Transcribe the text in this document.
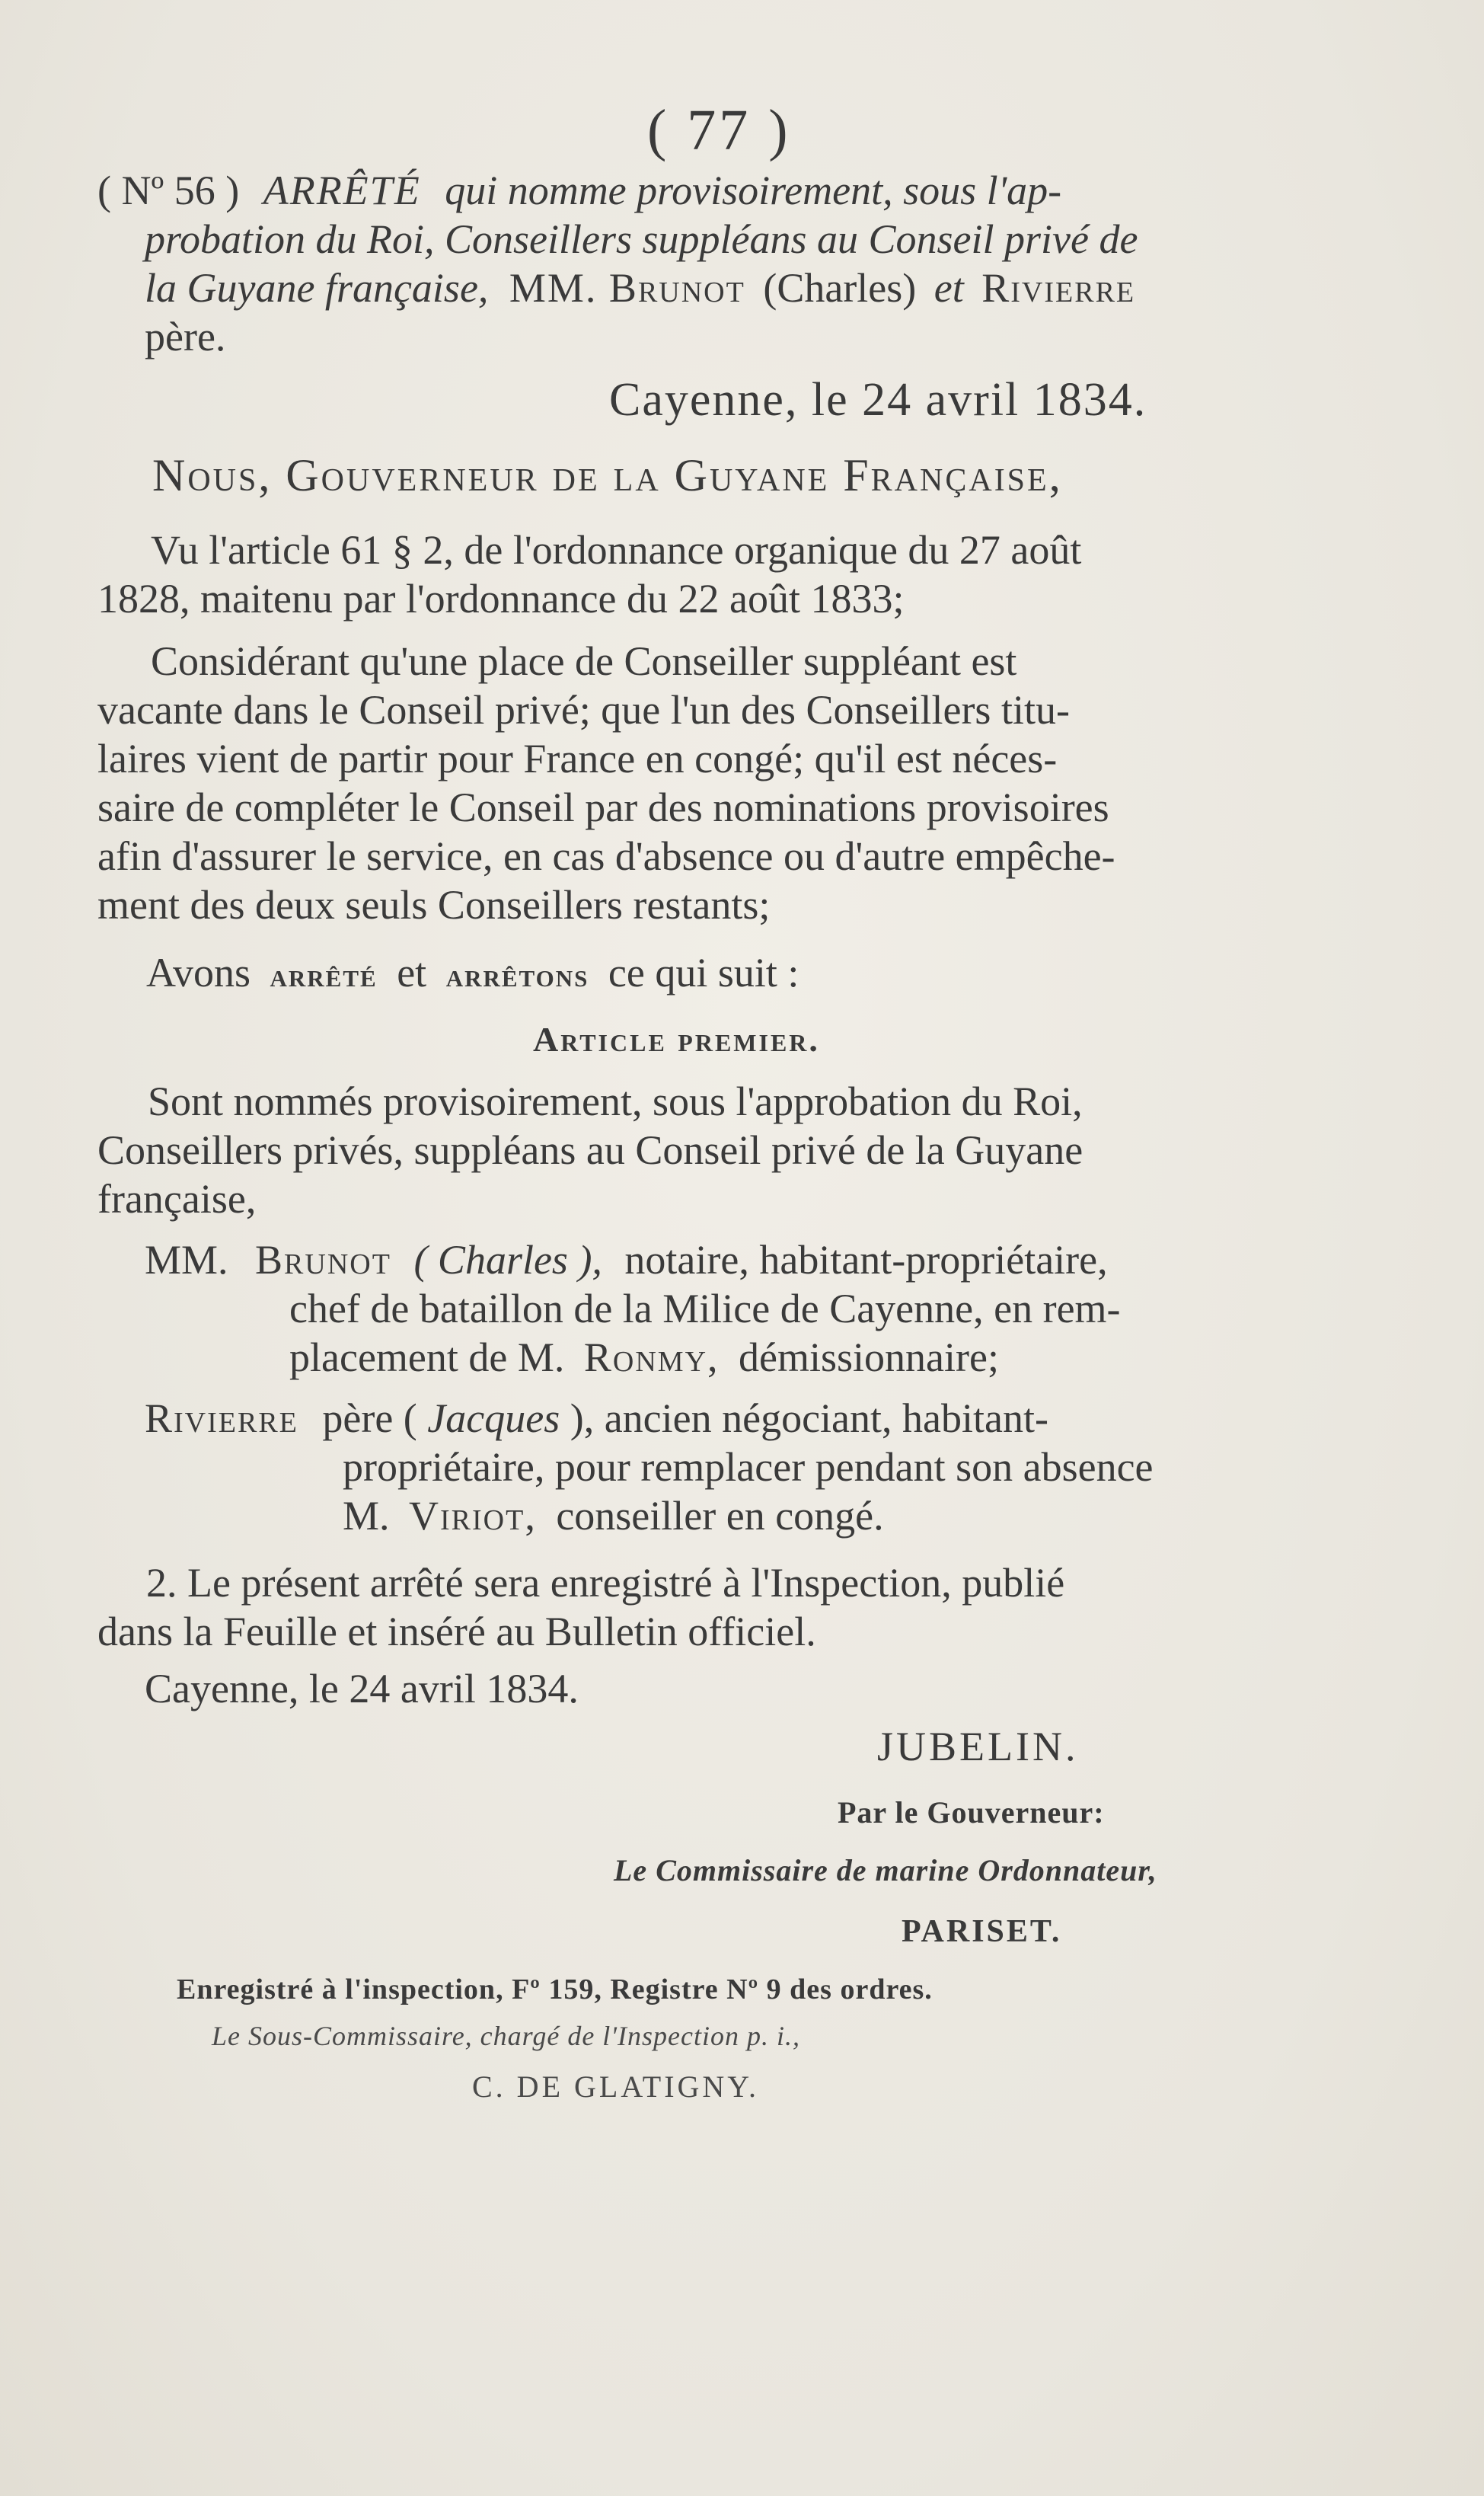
( 77 )
( Nº 56 ) ARRÊTÉ qui nomme provisoirement, sous l'ap-
probation du Roi, Conseillers suppléans au Conseil privé de
la Guyane française, MM. Brunot (Charles) et Rivierre
père.
Cayenne, le 24 avril 1834.
Nous, Gouverneur de la Guyane Française,
Vu l'article 61 § 2, de l'ordonnance organique du 27 août
1828, maitenu par l'ordonnance du 22 août 1833;
Considérant qu'une place de Conseiller suppléant est
vacante dans le Conseil privé; que l'un des Conseillers titu-
laires vient de partir pour France en congé; qu'il est néces-
saire de compléter le Conseil par des nominations provisoires
afin d'assurer le service, en cas d'absence ou d'autre empêche-
ment des deux seuls Conseillers restants;
Avons arrêté et arrêtons ce qui suit :
Article premier.
Sont nommés provisoirement, sous l'approbation du Roi,
Conseillers privés, suppléans au Conseil privé de la Guyane
française,
MM. Brunot ( Charles ), notaire, habitant-propriétaire,
chef de bataillon de la Milice de Cayenne, en rem-
placement de M. Ronmy, démissionnaire;
Rivierre père ( Jacques ), ancien négociant, habitant-
propriétaire, pour remplacer pendant son absence
M. Viriot, conseiller en congé.
2. Le présent arrêté sera enregistré à l'Inspection, publié
dans la Feuille et inséré au Bulletin officiel.
Cayenne, le 24 avril 1834.
JUBELIN.
Par le Gouverneur:
Le Commissaire de marine Ordonnateur,
PARISET.
Enregistré à l'inspection, Fº 159, Registre Nº 9 des ordres.
Le Sous-Commissaire, chargé de l'Inspection p. i.,
C. DE GLATIGNY.
